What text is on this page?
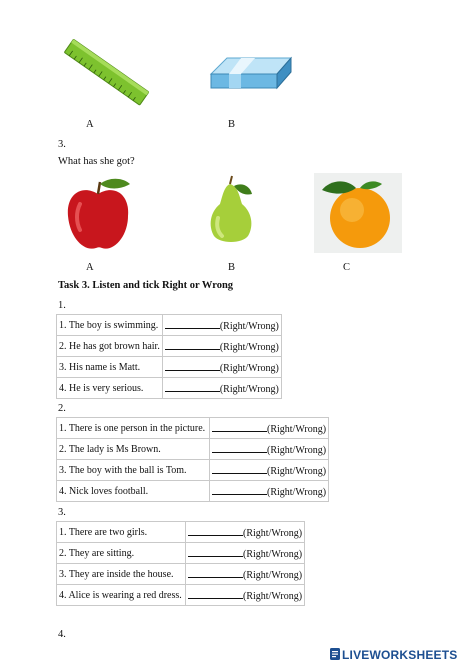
A	B
3.
What has she got?
A	B	C
Task 3. Listen and tick Right or Wrong
1.
1. The boy is swimming.	(Right/Wrong)
2. He has got brown hair.	(Right/Wrong)
3. His name is Matt.	(Right/Wrong)
4. He is very serious.	(Right/Wrong)
2.
1. There is one person in the picture.	(Right/Wrong)
2. The lady is Ms Brown.	(Right/Wrong)
3. The boy with the ball is Tom.	(Right/Wrong)
4. Nick loves football.	(Right/Wrong)
3.
1. There are two girls.	(Right/Wrong)
2. They are sitting.	(Right/Wrong)
3. They are inside the house.	(Right/Wrong)
4. Alice is wearing a red dress.	(Right/Wrong)
4.
LIVEWORKSHEETS
